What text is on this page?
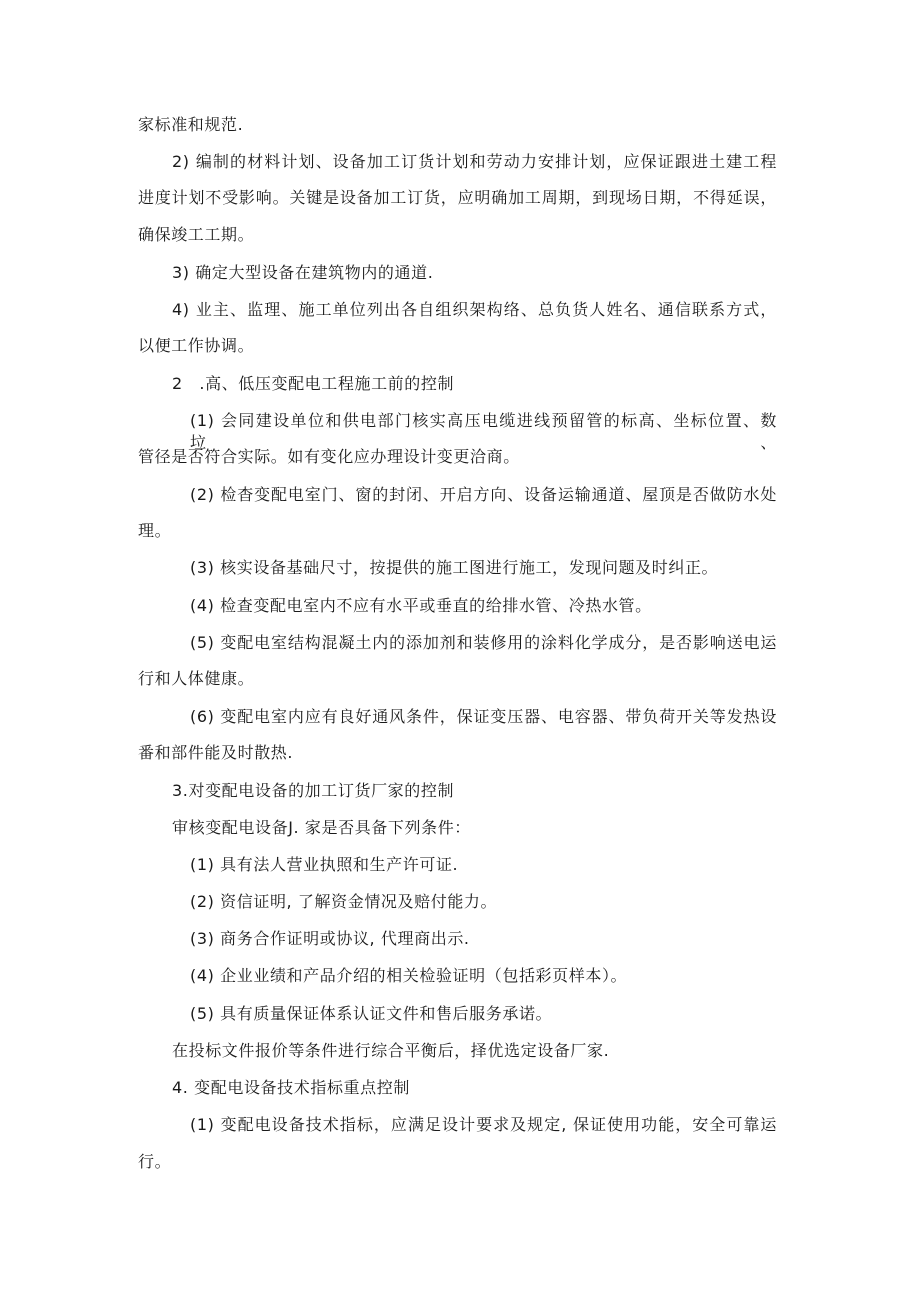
家标准和规范.

2) 编制的材料计划、设备加工订货计划和劳动力安排计划，应保证跟进土建工程

进度计划不受影响。关键是设备加工订货，应明确加工周期，到现场日期，不得延误，

确保竣工工期。

3) 确定大型设备在建筑物内的通道.

4) 业主、监理、施工单位列出各自组织架构络、总负货人姓名、通信联系方式，

以便工作协调。

2　.高、低压变配电工程施工前的控制

(1) 会同建设单位和供电部门核实高压电缆进线预留管的标高、坐标位置、数垃、

管径是否符合实际。如有变化应办理设计变更洽商。

(2) 检杳变配电室门、窗的封闭、开启方向、设备运输通道、屋顶是否做防水处

理。

(3) 核实设备基础尺寸，按提供的施工图进行施工，发现问题及时纠正。

(4) 检查变配电室内不应有水平或垂直的给排水管、冷热水管。

(5) 变配电室结构混凝土内的添加剂和装修用的涂料化学成分，是否影响送电运

行和人体健康。

(6) 变配电室内应有良好通风条件，保证变压器、电容器、带负荷开关等发热设

番和部件能及时散热.

3.对变配电设备的加工订货厂家的控制

审核变配电设备J. 家是否具备下列条件：

(1) 具有法人营业执照和生产许可证.

(2) 资信证明, 了解资金情况及赔付能力。

(3) 商务合作证明或协议, 代理商出示.

(4) 企业业绩和产品介绍的相关检验证明（包括彩页样本）。

(5) 具有质量保证体系认证文件和售后服务承诺。

在投标文件报价等条件进行综合平衡后，择优选定设备厂家.

4. 变配电设备技术指标重点控制

(1) 变配电设备技术指标，应满足设计要求及规定, 保证使用功能，安全可靠运

行。
